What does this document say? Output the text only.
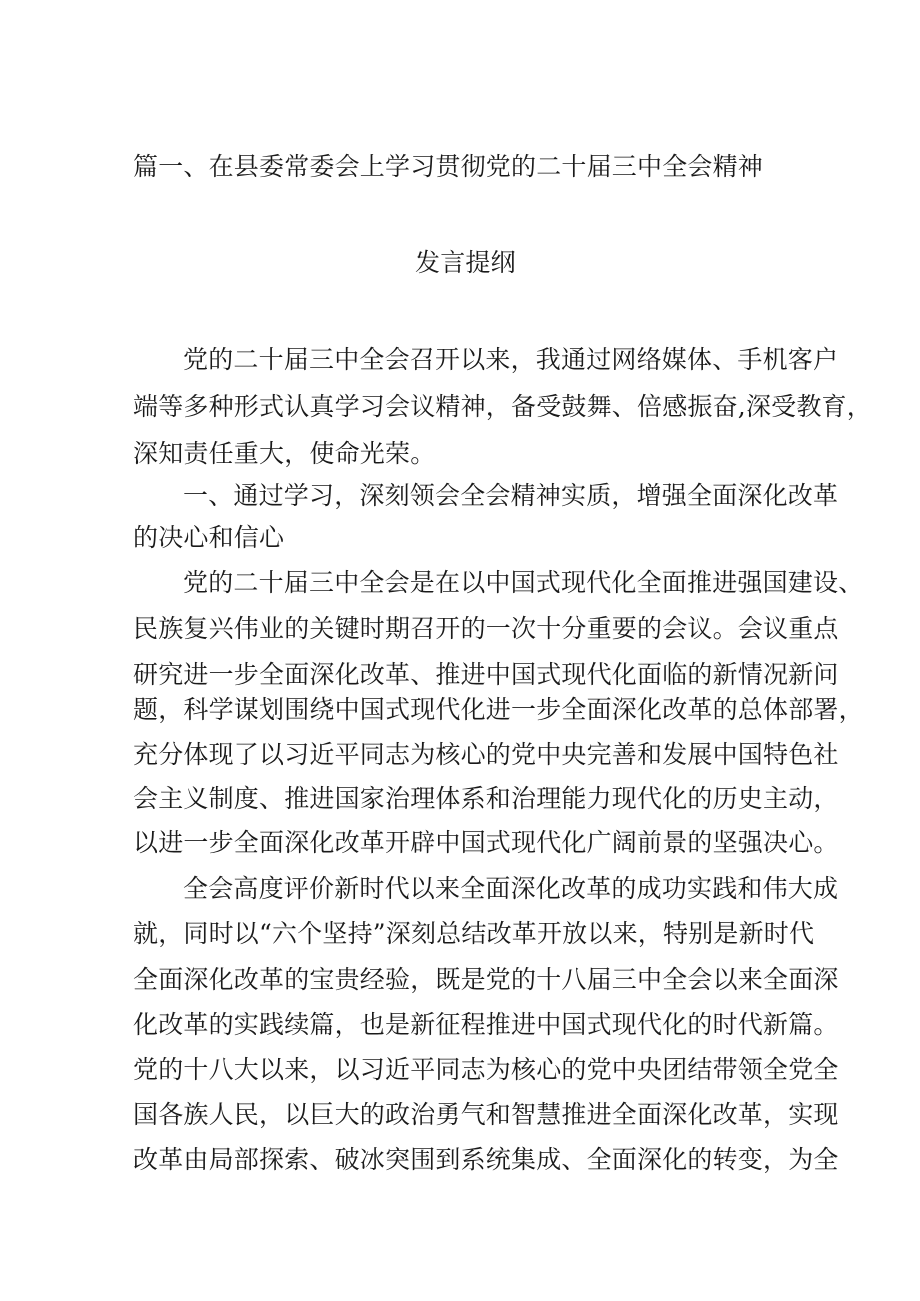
篇一、在县委常委会上学习贯彻党的二十届三中全会精神
发言提纲
党的二十届三中全会召开以来，我通过网络媒体、手机客户
端等多种形式认真学习会议精神，备受鼓舞、倍感振奋,深受教育，
深知责任重大，使命光荣。
一、通过学习，深刻领会全会精神实质，增强全面深化改革
的决心和信心
党的二十届三中全会是在以中国式现代化全面推进强国建设、
民族复兴伟业的关键时期召开的一次十分重要的会议。会议重点
研究进一步全面深化改革、推进中国式现代化面临的新情况新问
题，科学谋划围绕中国式现代化进一步全面深化改革的总体部署，
充分体现了以习近平同志为核心的党中央完善和发展中国特色社
会主义制度、推进国家治理体系和治理能力现代化的历史主动，
以进一步全面深化改革开辟中国式现代化广阔前景的坚强决心。
全会高度评价新时代以来全面深化改革的成功实践和伟大成
就，同时以“六个坚持”深刻总结改革开放以来，特别是新时代
全面深化改革的宝贵经验，既是党的十八届三中全会以来全面深
化改革的实践续篇，也是新征程推进中国式现代化的时代新篇。
党的十八大以来，以习近平同志为核心的党中央团结带领全党全
国各族人民，以巨大的政治勇气和智慧推进全面深化改革，实现
改革由局部探索、破冰突围到系统集成、全面深化的转变，为全
